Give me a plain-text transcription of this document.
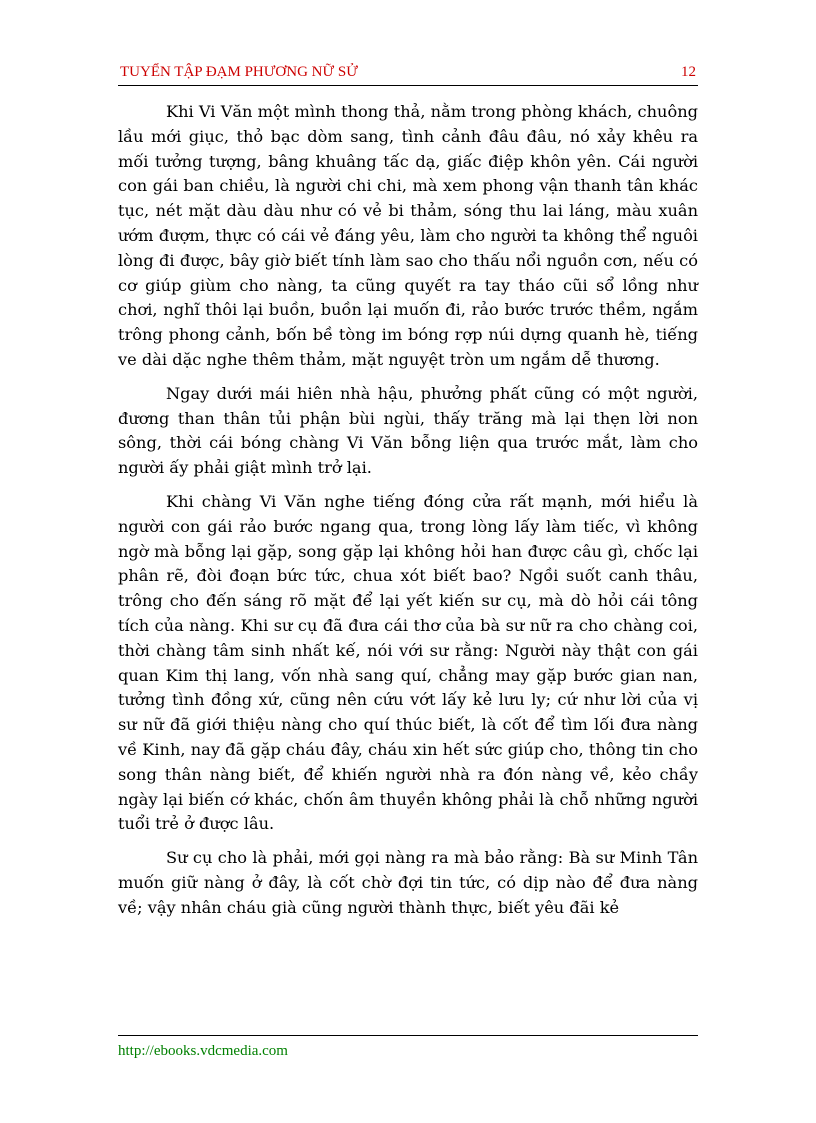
TUYỂN TẬP ĐẠM PHƯƠNG NỮ SỬ	12

Khi Vi Văn một mình thong thả, nằm trong phòng khách, chuông lầu mới giục, thỏ bạc dòm sang, tình cảnh đâu đâu, nó xảy khêu ra mối tưởng tượng, bâng khuâng tấc dạ, giấc điệp khôn yên. Cái người con gái ban chiều, là người chi chi, mà xem phong vận thanh tân khác tục, nét mặt dàu dàu như có vẻ bi thảm, sóng thu lai láng, màu xuân ướm đượm, thực có cái vẻ đáng yêu, làm cho người ta không thể nguôi lòng đi được, bây giờ biết tính làm sao cho thấu nổi nguồn cơn, nếu có cơ giúp giùm cho nàng, ta cũng quyết ra tay tháo cũi sổ lồng như chơi, nghĩ thôi lại buồn, buồn lại muốn đi, rảo bước trước thềm, ngắm trông phong cảnh, bốn bề tòng im bóng rợp núi dựng quanh hè, tiếng ve dài dặc nghe thêm thảm, mặt nguyệt tròn um ngắm dễ thương.

Ngay dưới mái hiên nhà hậu, phưởng phất cũng có một người, đương than thân tủi phận bùi ngùi, thấy trăng mà lại thẹn lời non sông, thời cái bóng chàng Vi Văn bỗng liện qua trước mắt, làm cho người ấy phải giật mình trở lại.

Khi chàng Vi Văn nghe tiếng đóng cửa rất mạnh, mới hiểu là người con gái rảo bước ngang qua, trong lòng lấy làm tiếc, vì không ngờ mà bỗng lại gặp, song gặp lại không hỏi han được câu gì, chốc lại phân rẽ, đòi đoạn bức tức, chua xót biết bao? Ngồi suốt canh thâu, trông cho đến sáng rõ mặt để lại yết kiến sư cụ, mà dò hỏi cái tông tích của nàng. Khi sư cụ đã đưa cái thơ của bà sư nữ ra cho chàng coi, thời chàng tâm sinh nhất kế, nói với sư rằng: Người này thật con gái quan Kim thị lang, vốn nhà sang quí, chẳng may gặp bước gian nan, tưởng tình đồng xứ, cũng nên cứu vớt lấy kẻ lưu ly; cứ như lời của vị sư nữ đã giới thiệu nàng cho quí thúc biết, là cốt để tìm lối đưa nàng về Kinh, nay đã gặp cháu đây, cháu xin hết sức giúp cho, thông tin cho song thân nàng biết, để khiến người nhà ra đón nàng về, kẻo chầy ngày lại biến cớ khác, chốn âm thuyền không phải là chỗ những người tuổi trẻ ở được lâu.

Sư cụ cho là phải, mới gọi nàng ra mà bảo rằng: Bà sư Minh Tân muốn giữ nàng ở đây, là cốt chờ đợi tin tức, có dịp nào để đưa nàng về; vậy nhân cháu già cũng người thành thực, biết yêu đãi kẻ

http://ebooks.vdcmedia.com
